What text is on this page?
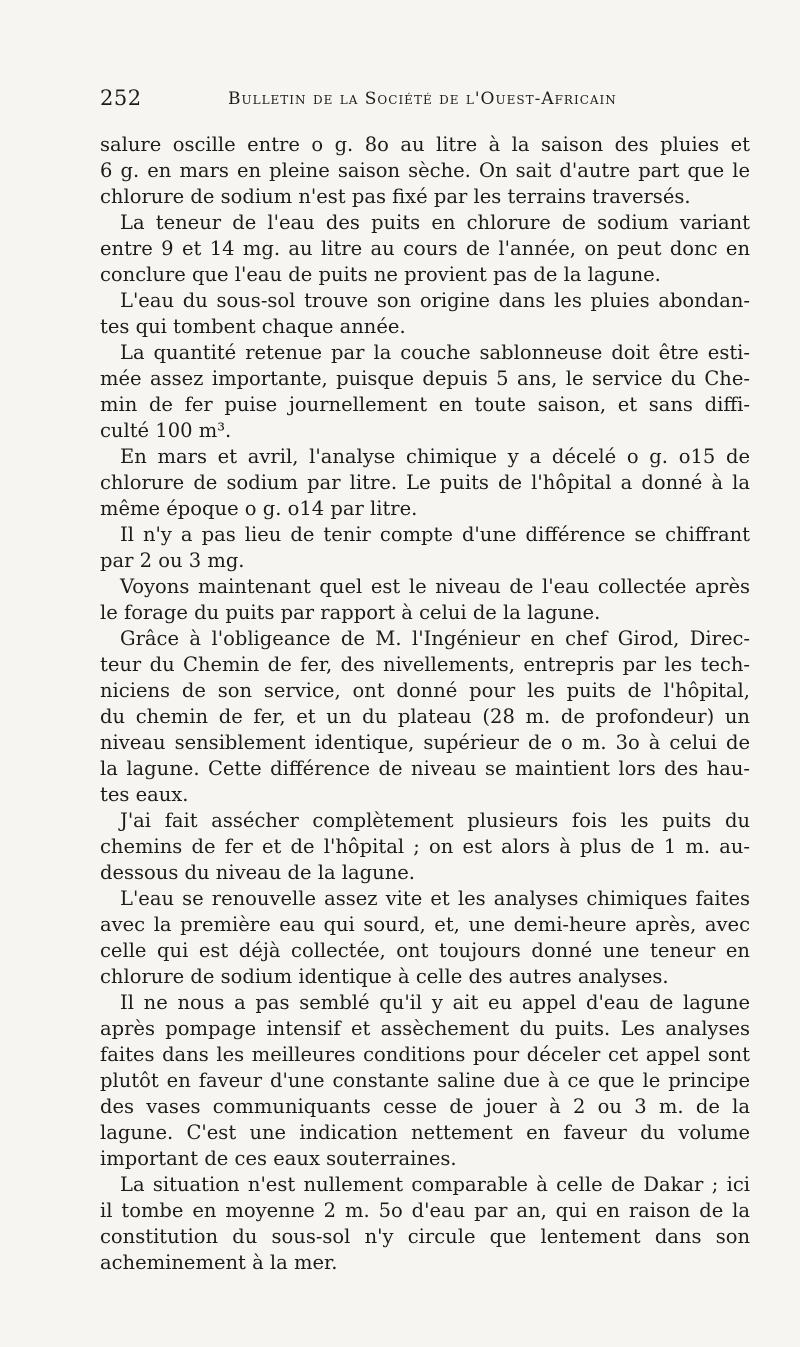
252	Bulletin de la Société de l'Ouest-Africain

salure oscille entre o g. 8o au litre à la saison des pluies et
6 g. en mars en pleine saison sèche. On sait d'autre part que le
chlorure de sodium n'est pas fixé par les terrains traversés.

La teneur de l'eau des puits en chlorure de sodium variant
entre 9 et 14 mg. au litre au cours de l'année, on peut donc en
conclure que l'eau de puits ne provient pas de la lagune.

L'eau du sous-sol trouve son origine dans les pluies abondan-
tes qui tombent chaque année.

La quantité retenue par la couche sablonneuse doit être esti-
mée assez importante, puisque depuis 5 ans, le service du Che-
min de fer puise journellement en toute saison, et sans diffi-
culté 100 m³.

En mars et avril, l'analyse chimique y a décelé o g. o15 de
chlorure de sodium par litre. Le puits de l'hôpital a donné à la
même époque o g. o14 par litre.

Il n'y a pas lieu de tenir compte d'une différence se chiffrant
par 2 ou 3 mg.

Voyons maintenant quel est le niveau de l'eau collectée après
le forage du puits par rapport à celui de la lagune.

Grâce à l'obligeance de M. l'Ingénieur en chef Girod, Direc-
teur du Chemin de fer, des nivellements, entrepris par les tech-
niciens de son service, ont donné pour les puits de l'hôpital,
du chemin de fer, et un du plateau (28 m. de profondeur) un
niveau sensiblement identique, supérieur de o m. 3o à celui de
la lagune. Cette différence de niveau se maintient lors des hau-
tes eaux.

J'ai fait assécher complètement plusieurs fois les puits du
chemins de fer et de l'hôpital ; on est alors à plus de 1 m. au-
dessous du niveau de la lagune.

L'eau se renouvelle assez vite et les analyses chimiques faites
avec la première eau qui sourd, et, une demi-heure après, avec
celle qui est déjà collectée, ont toujours donné une teneur en
chlorure de sodium identique à celle des autres analyses.

Il ne nous a pas semblé qu'il y ait eu appel d'eau de lagune
après pompage intensif et assèchement du puits. Les analyses
faites dans les meilleures conditions pour déceler cet appel sont
plutôt en faveur d'une constante saline due à ce que le principe
des vases communiquants cesse de jouer à 2 ou 3 m. de la
lagune. C'est une indication nettement en faveur du volume
important de ces eaux souterraines.

La situation n'est nullement comparable à celle de Dakar ; ici
il tombe en moyenne 2 m. 5o d'eau par an, qui en raison de la
constitution du sous-sol n'y circule que lentement dans son
acheminement à la mer.
